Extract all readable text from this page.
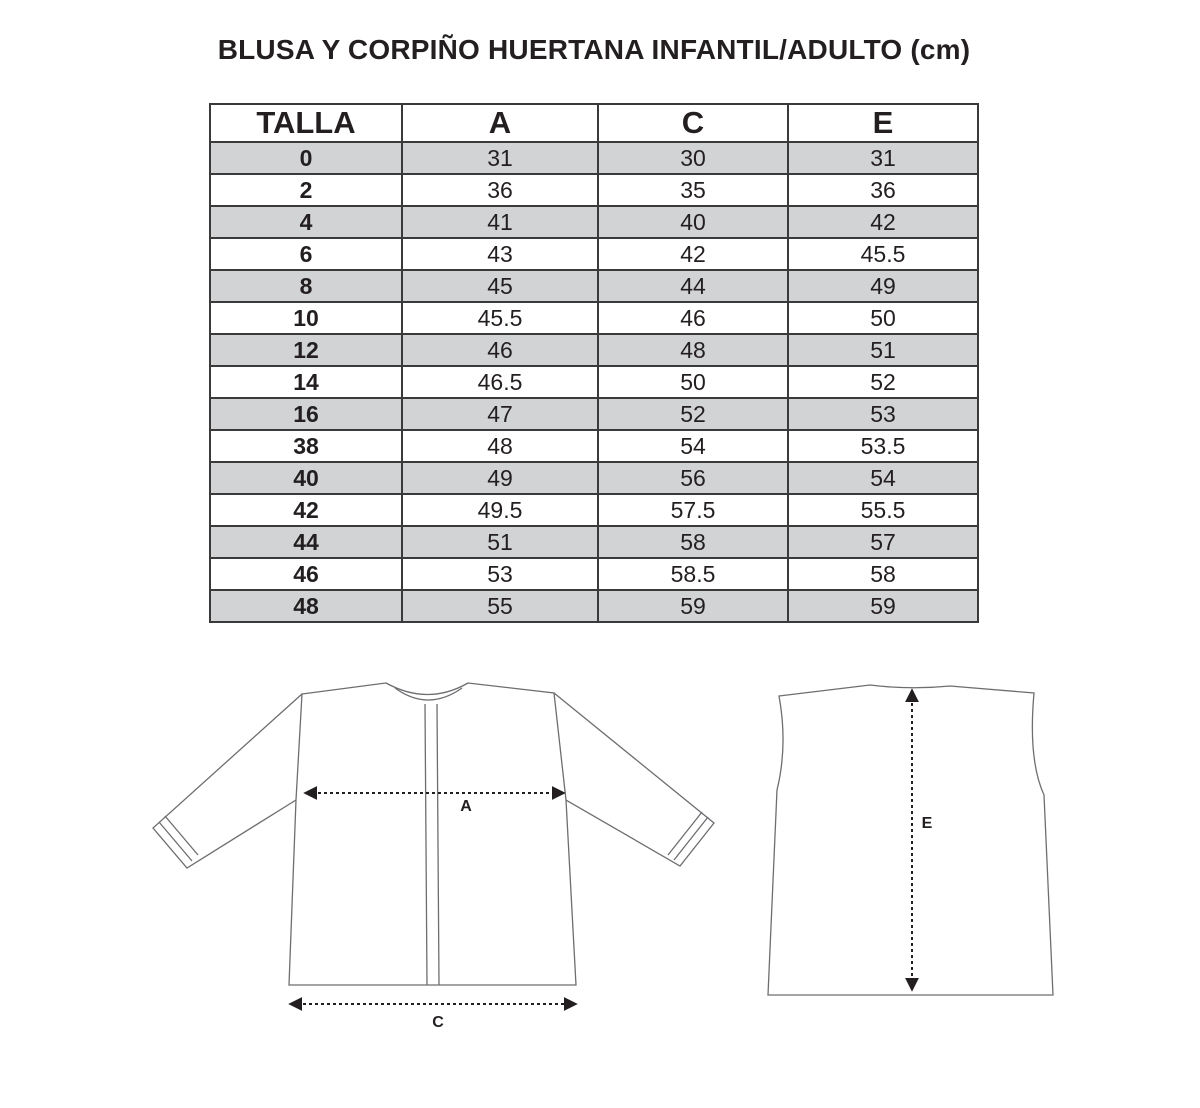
BLUSA Y CORPIÑO HUERTANA INFANTIL/ADULTO (cm)
TALLA	A	C	E
0	31	30	31
2	36	35	36
4	41	40	42
6	43	42	45.5
8	45	44	49
10	45.5	46	50
12	46	48	51
14	46.5	50	52
16	47	52	53
38	48	54	53.5
40	49	56	54
42	49.5	57.5	55.5
44	51	58	57
46	53	58.5	58
48	55	59	59
A
C
E
